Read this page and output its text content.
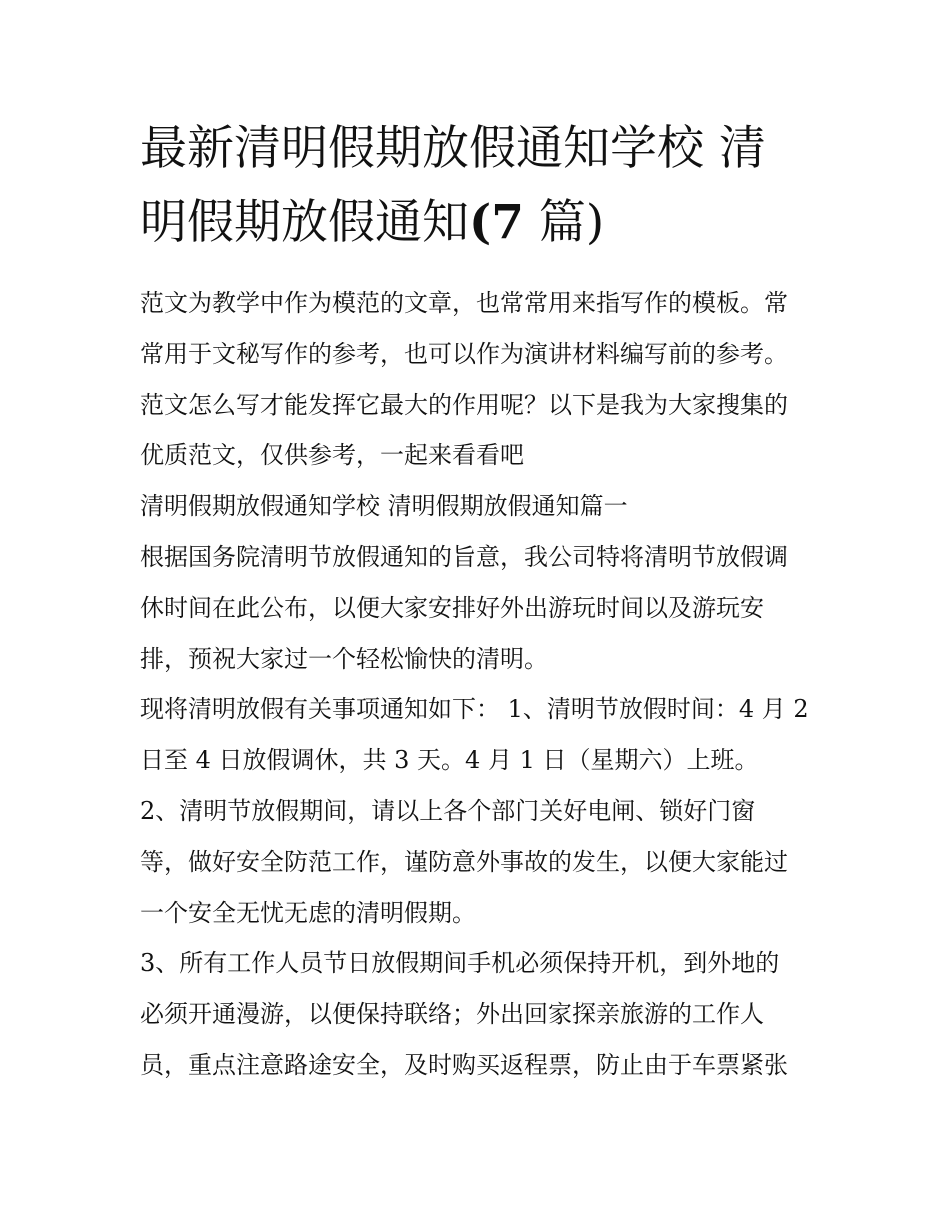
最新清明假期放假通知学校 清
明假期放假通知(7 篇)
范文为教学中作为模范的文章，也常常用来指写作的模板。常
常用于文秘写作的参考，也可以作为演讲材料编写前的参考。
范文怎么写才能发挥它最大的作用呢？以下是我为大家搜集的
优质范文，仅供参考，一起来看看吧
清明假期放假通知学校 清明假期放假通知篇一
根据国务院清明节放假通知的旨意，我公司特将清明节放假调
休时间在此公布，以便大家安排好外出游玩时间以及游玩安
排，预祝大家过一个轻松愉快的清明。
现将清明放假有关事项通知如下： 1、清明节放假时间：4 月 2
日至 4 日放假调休，共 3 天。4 月 1 日（星期六）上班。
2、清明节放假期间，请以上各个部门关好电闸、锁好门窗
等，做好安全防范工作，谨防意外事故的发生，以便大家能过
一个安全无忧无虑的清明假期。
3、所有工作人员节日放假期间手机必须保持开机，到外地的
必须开通漫游，以便保持联络；外出回家探亲旅游的工作人
员，重点注意路途安全，及时购买返程票，防止由于车票紧张
